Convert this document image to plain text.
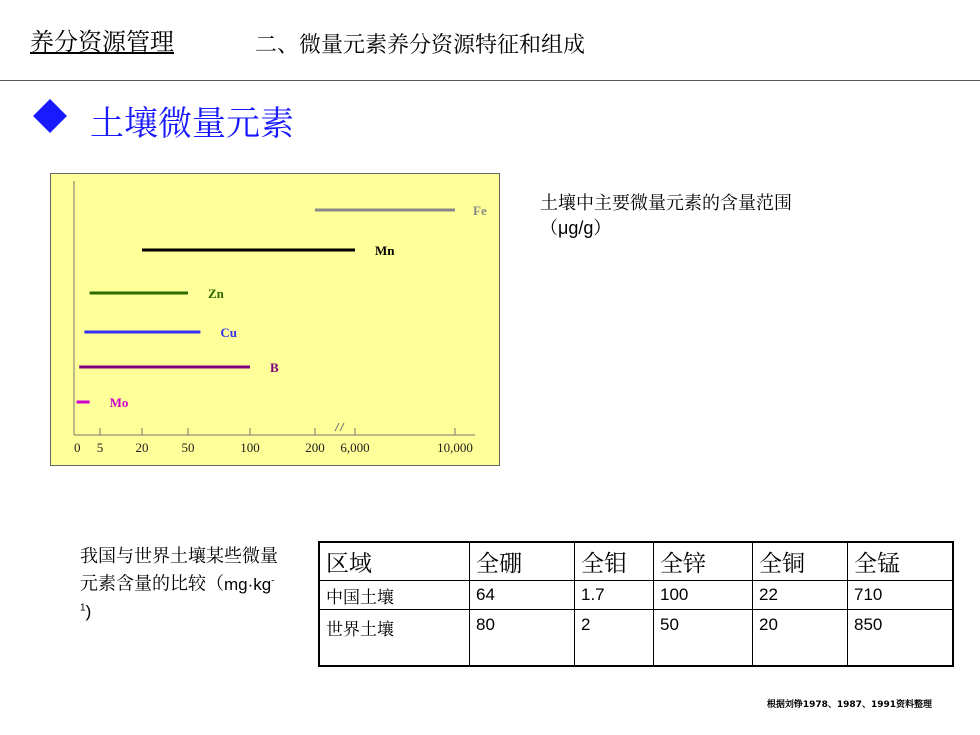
养分资源管理	二、微量元素养分资源特征和组成
土壤微量元素
Fe
Mn
Zn
Cu
B
Mo
0 5 20	50	100	200 6,000	10,000
土壤中主要微量元素的含量范围（μg/g）
我国与世界土壤某些微量元素含量的比较$(mg\cdot kg^{-1})$
区域	全硼	全钼	全锌	全铜	全锰
中国土壤	64	1.7	100	22	710
世界土壤	80	2	50	20	850
根据刘铮1978、1987、1991资料整理
